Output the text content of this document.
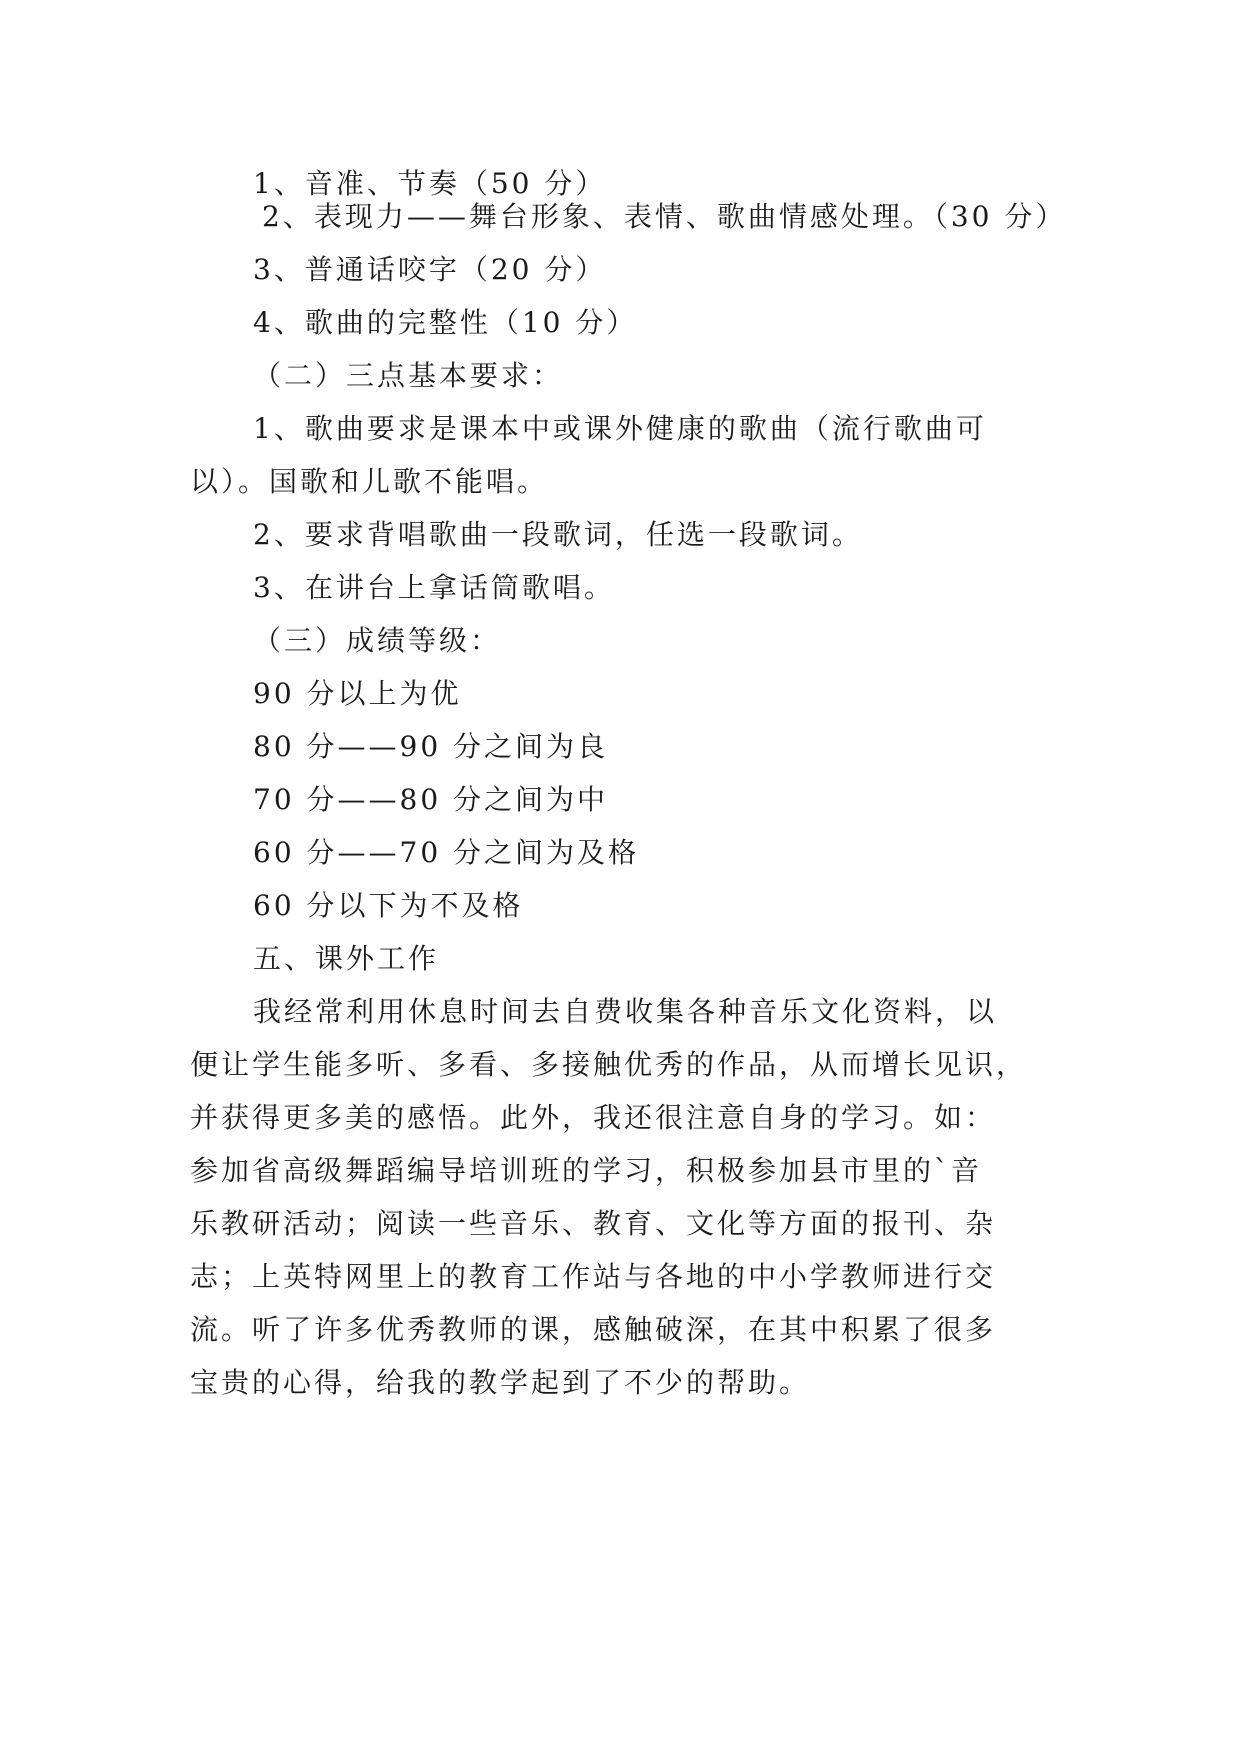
1、音准、节奏（50 分）
2、表现力——舞台形象、表情、歌曲情感处理。（30 分）
3、普通话咬字（20 分）
4、歌曲的完整性（10 分）
（二）三点基本要求：
1、歌曲要求是课本中或课外健康的歌曲（流行歌曲可
以）。国歌和儿歌不能唱。
2、要求背唱歌曲一段歌词，任选一段歌词。
3、在讲台上拿话筒歌唱。
（三）成绩等级：
90 分以上为优
80 分——90 分之间为良
70 分——80 分之间为中
60 分——70 分之间为及格
60 分以下为不及格
五、课外工作
我经常利用休息时间去自费收集各种音乐文化资料，以
便让学生能多听、多看、多接触优秀的作品，从而增长见识，
并获得更多美的感悟。此外，我还很注意自身的学习。如：
参加省高级舞蹈编导培训班的学习，积极参加县市里的`音
乐教研活动；阅读一些音乐、教育、文化等方面的报刊、杂
志；上英特网里上的教育工作站与各地的中小学教师进行交
流。听了许多优秀教师的课，感触破深，在其中积累了很多
宝贵的心得，给我的教学起到了不少的帮助。
